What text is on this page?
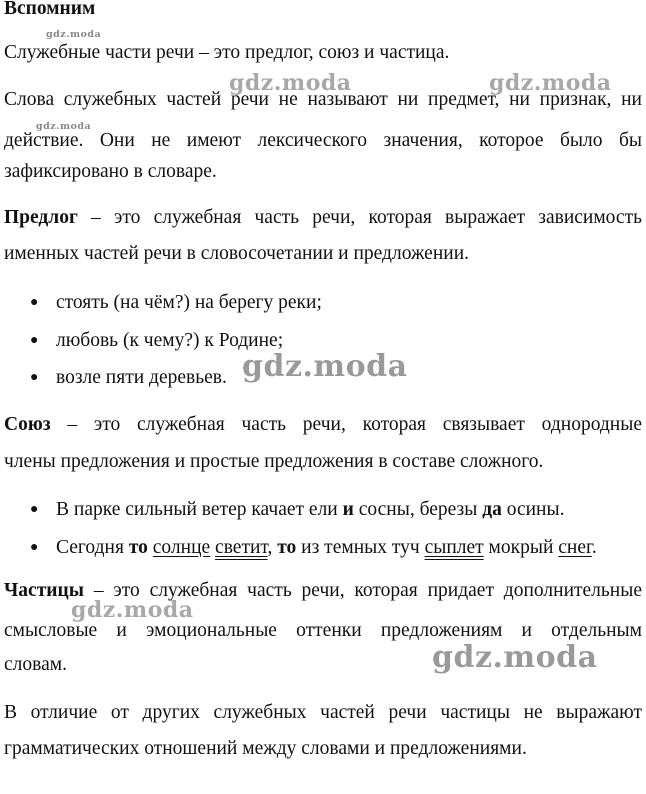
Вспомним
Служебные части речи – это предлог, союз и частица.
Слова служебных частей речи не называют ни предмет, ни признак, ни
действие. Они не имеют лексического значения, которое было бы
зафиксировано в словаре.
Предлог – это служебная часть речи, которая выражает зависимость
именных частей речи в словосочетании и предложении.
● стоять (на чём?) на берегу реки;
● любовь (к чему?) к Родине;
● возле пяти деревьев.
Союз – это служебная часть речи, которая связывает однородные
члены предложения и простые предложения в составе сложного.
● В парке сильный ветер качает ели и сосны, березы да осины.
● Сегодня то солнце светит, то из темных туч сыплет мокрый снег.
Частицы – это служебная часть речи, которая придает дополнительные
смысловые и эмоциональные оттенки предложениям и отдельным
словам.
В отличие от других служебных частей речи частицы не выражают
грамматических отношений между словами и предложениями.
gdz.moda
gdz.moda	gdz.moda
gdz.moda
gdz.moda
gdz.moda
gdz.moda
